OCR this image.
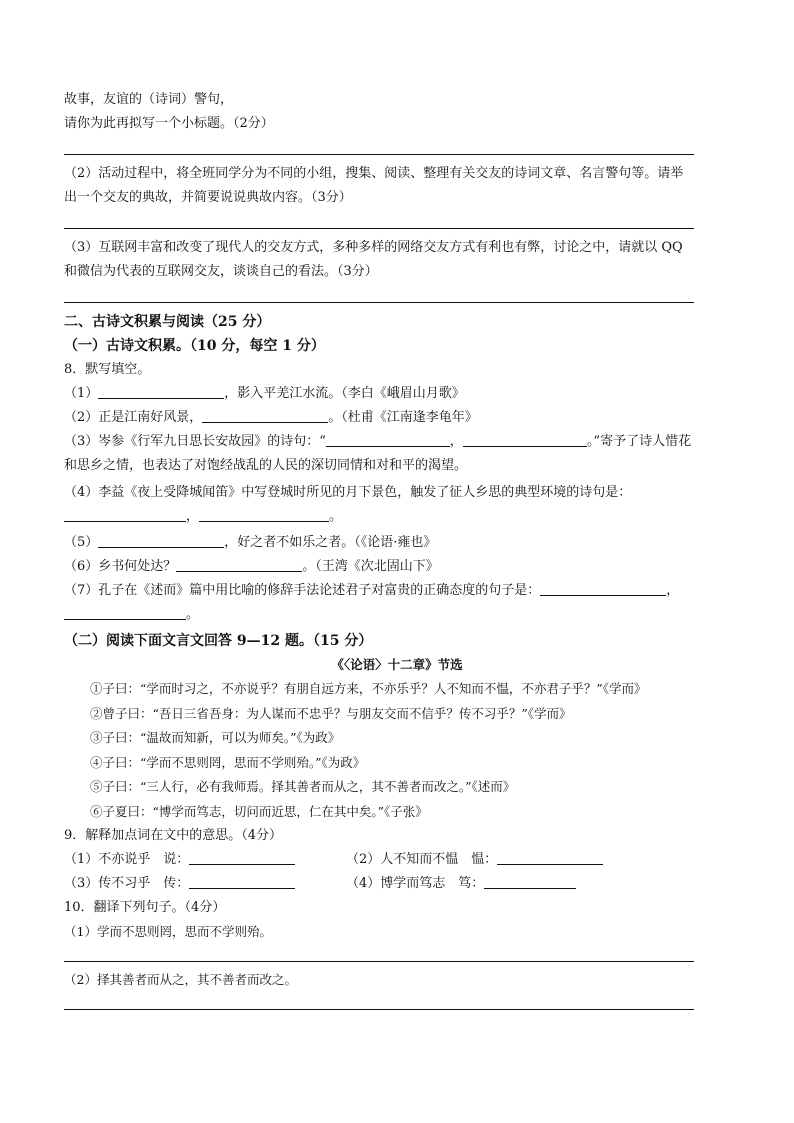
故事，友谊的（诗词）警句，
请你为此再拟写一个小标题。（2分）
（2）活动过程中，将全班同学分为不同的小组，搜集、阅读、整理有关交友的诗词文章、名言警句等。请举
出一个交友的典故，并简要说说典故内容。（3分）
（3）互联网丰富和改变了现代人的交友方式，多种多样的网络交友方式有利也有弊，讨论之中，请就以 QQ
和微信为代表的互联网交友，谈谈自己的看法。（3分）
二、古诗文积累与阅读（25 分）
（一）古诗文积累。（10 分，每空 1 分）
8．默写填空。
（1）	，影入平羌江水流。（李白《峨眉山月歌》
（2）正是江南好风景，	。（杜甫《江南逢李龟年》
（3）岑参《行军九日思长安故园》的诗句：“	，	。”寄予了诗人惜花
和思乡之情，也表达了对饱经战乱的人民的深切同情和对和平的渴望。
（4）李益《夜上受降城闻笛》中写登城时所见的月下景色，触发了征人乡思的典型环境的诗句是：
，	。
（5）	，好之者不如乐之者。（《论语·雍也》
（6）乡书何处达？	。（王湾《次北固山下》
（7）孔子在《述而》篇中用比喻的修辞手法论述君子对富贵的正确态度的句子是：	，
。
（二）阅读下面文言文回答 9—12 题。（15 分）
《〈论语〉十二章》节选
①子曰：“学而时习之，不亦说乎？有朋自远方来，不亦乐乎？人不知而不愠，不亦君子乎？”《学而》
②曾子曰：“吾日三省吾身：为人谋而不忠乎？与朋友交而不信乎？传不习乎？”《学而》
③子曰：“温故而知新，可以为师矣。”《为政》
④子曰：“学而不思则罔，思而不学则殆。”《为政》
⑤子曰：“三人行，必有我师焉。择其善者而从之，其不善者而改之。”《述而》
⑥子夏曰：“博学而笃志，切问而近思，仁在其中矣。”《子张》
9．解释加点词在文中的意思。（4分）
（1）不亦说乎　说：	（2）人不知而不愠　愠：
（3）传不习乎　传：	（4）博学而笃志　笃：
10．翻译下列句子。（4分）
（1）学而不思则罔，思而不学则殆。
（2）择其善者而从之，其不善者而改之。
